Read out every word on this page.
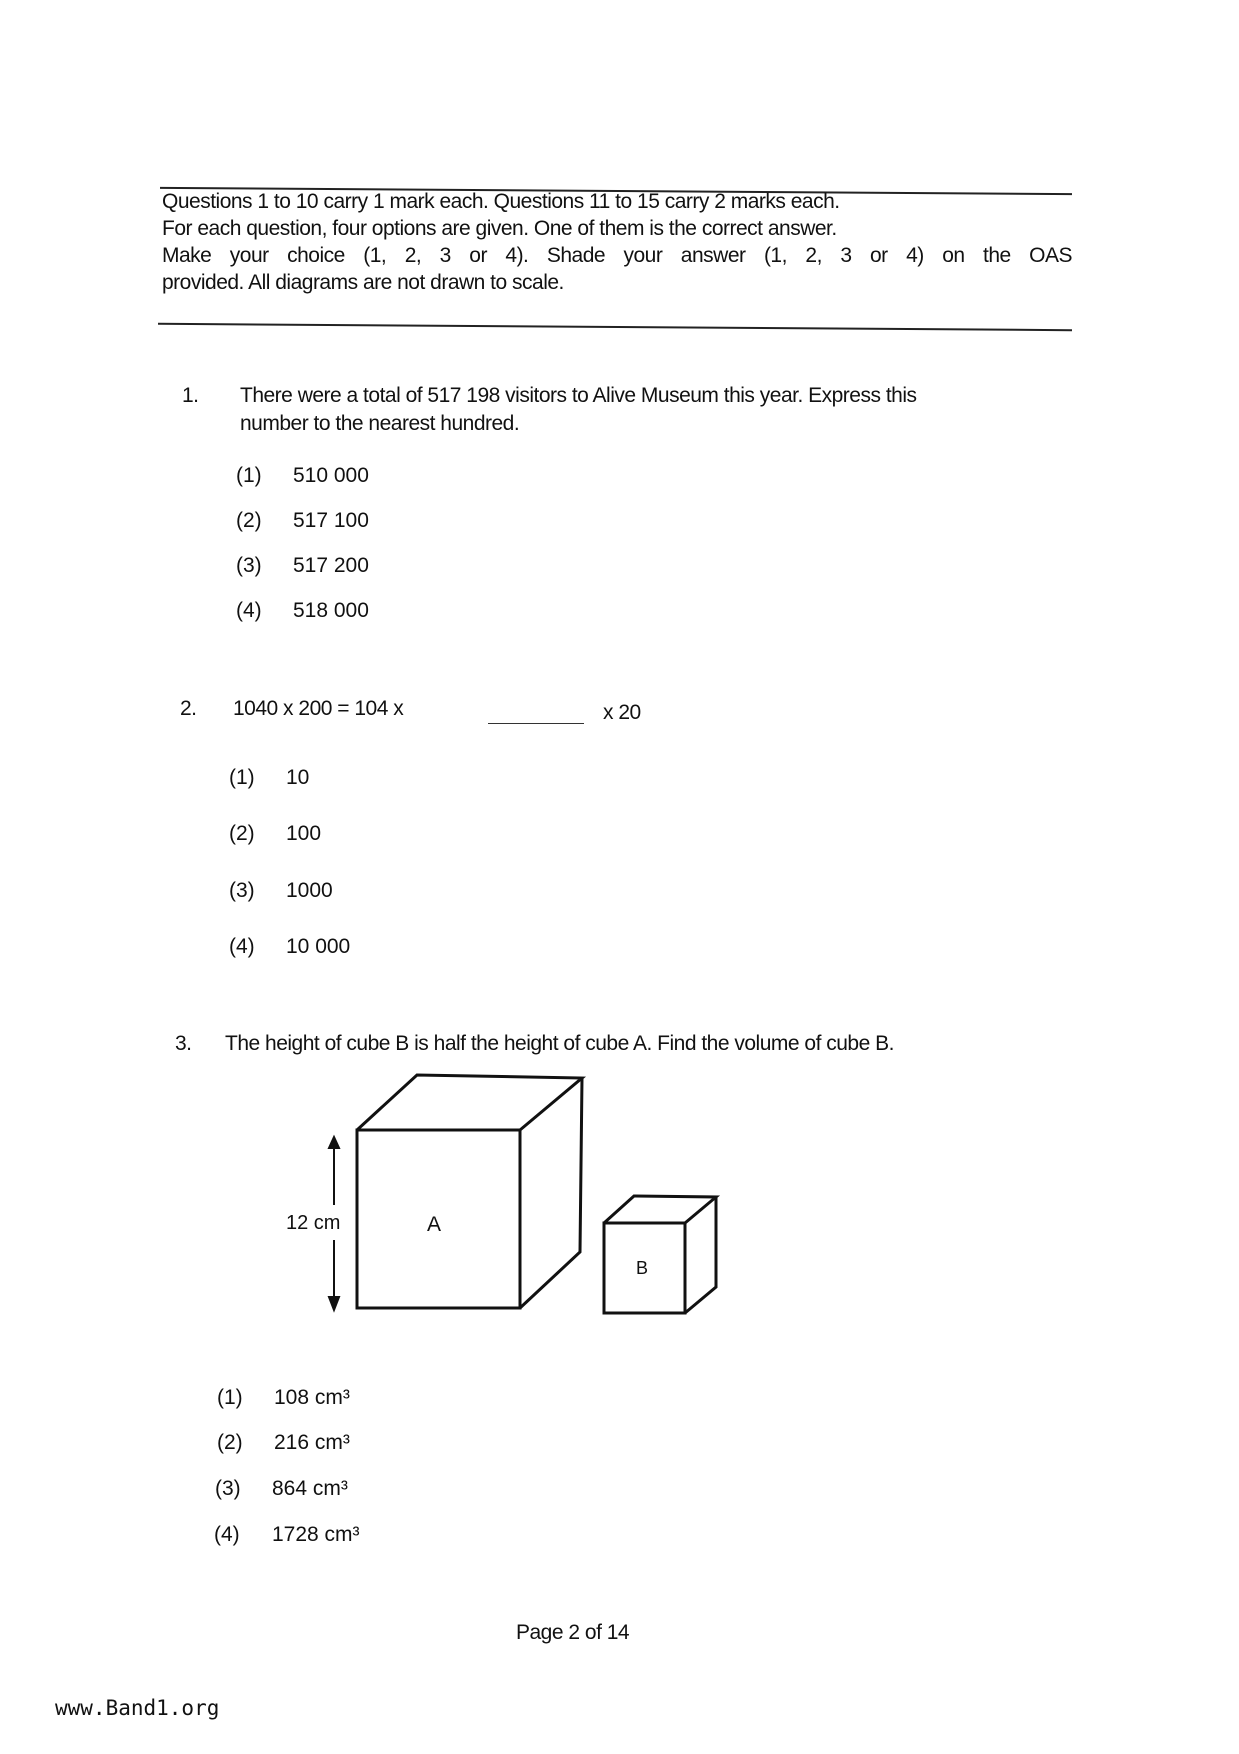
Questions 1 to 10 carry 1 mark each. Questions 11 to 15 carry 2 marks each.
For each question, four options are given. One of them is the correct answer.
Make your choice (1, 2, 3 or 4). Shade your answer (1, 2, 3 or 4) on the OAS
provided. All diagrams are not drawn to scale.
1. There were a total of 517 198 visitors to Alive Museum this year. Express this
number to the nearest hundred.
(1) 510 000
(2) 517 100
(3) 517 200
(4) 518 000
2. 1040 x 200 = 104 x	x 20
(1) 10
(2) 100
(3) 1000
(4) 10 000
3. The height of cube B is half the height of cube A. Find the volume of cube B.
12 cm	A
B
(1) 108 cm³
(2) 216 cm³
(3) 864 cm³
(4) 1728 cm³
Page 2 of 14
www.Band1.org
